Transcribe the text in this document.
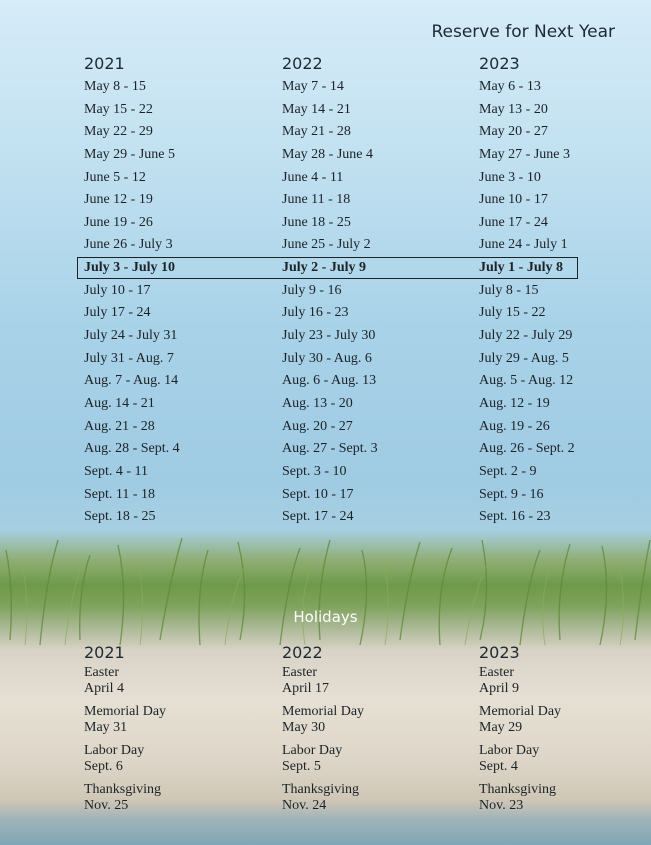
Reserve for Next Year
2021
May 8 - 15
May 15 - 22
May 22 - 29
May 29 - June 5
June 5 - 12
June 12 - 19
June 19 - 26
June 26 - July 3
July 3 - July 10
July 10 - 17
July 17 - 24
July 24 - July 31
July 31 - Aug. 7
Aug. 7 - Aug. 14
Aug. 14 - 21
Aug. 21 - 28
Aug. 28 - Sept. 4
Sept. 4 - 11
Sept. 11 - 18
Sept. 18 - 25
2022
May 7 - 14
May 14 - 21
May 21 - 28
May 28 - June 4
June 4 - 11
June 11 - 18
June 18 - 25
June 25 - July 2
July 2 - July 9
July 9 - 16
July 16 - 23
July 23 - July 30
July 30 - Aug. 6
Aug. 6 - Aug. 13
Aug. 13 - 20
Aug. 20 - 27
Aug. 27 - Sept. 3
Sept. 3 - 10
Sept. 10 - 17
Sept. 17 - 24
2023
May 6 - 13
May 13 - 20
May 20 - 27
May 27 - June 3
June 3 - 10
June 10 - 17
June 17 - 24
June 24 - July 1
July 1 - July 8
July 8 - 15
July 15 - 22
July 22 - July 29
July 29 - Aug. 5
Aug. 5 - Aug. 12
Aug. 12 - 19
Aug. 19 - 26
Aug. 26 - Sept. 2
Sept. 2 - 9
Sept. 9 - 16
Sept. 16 - 23
Holidays
2021
Easter
April 4
Memorial Day
May 31
Labor Day
Sept. 6
Thanksgiving
Nov. 25
2022
Easter
April 17
Memorial Day
May 30
Labor Day
Sept. 5
Thanksgiving
Nov. 24
2023
Easter
April 9
Memorial Day
May 29
Labor Day
Sept. 4
Thanksgiving
Nov. 23
